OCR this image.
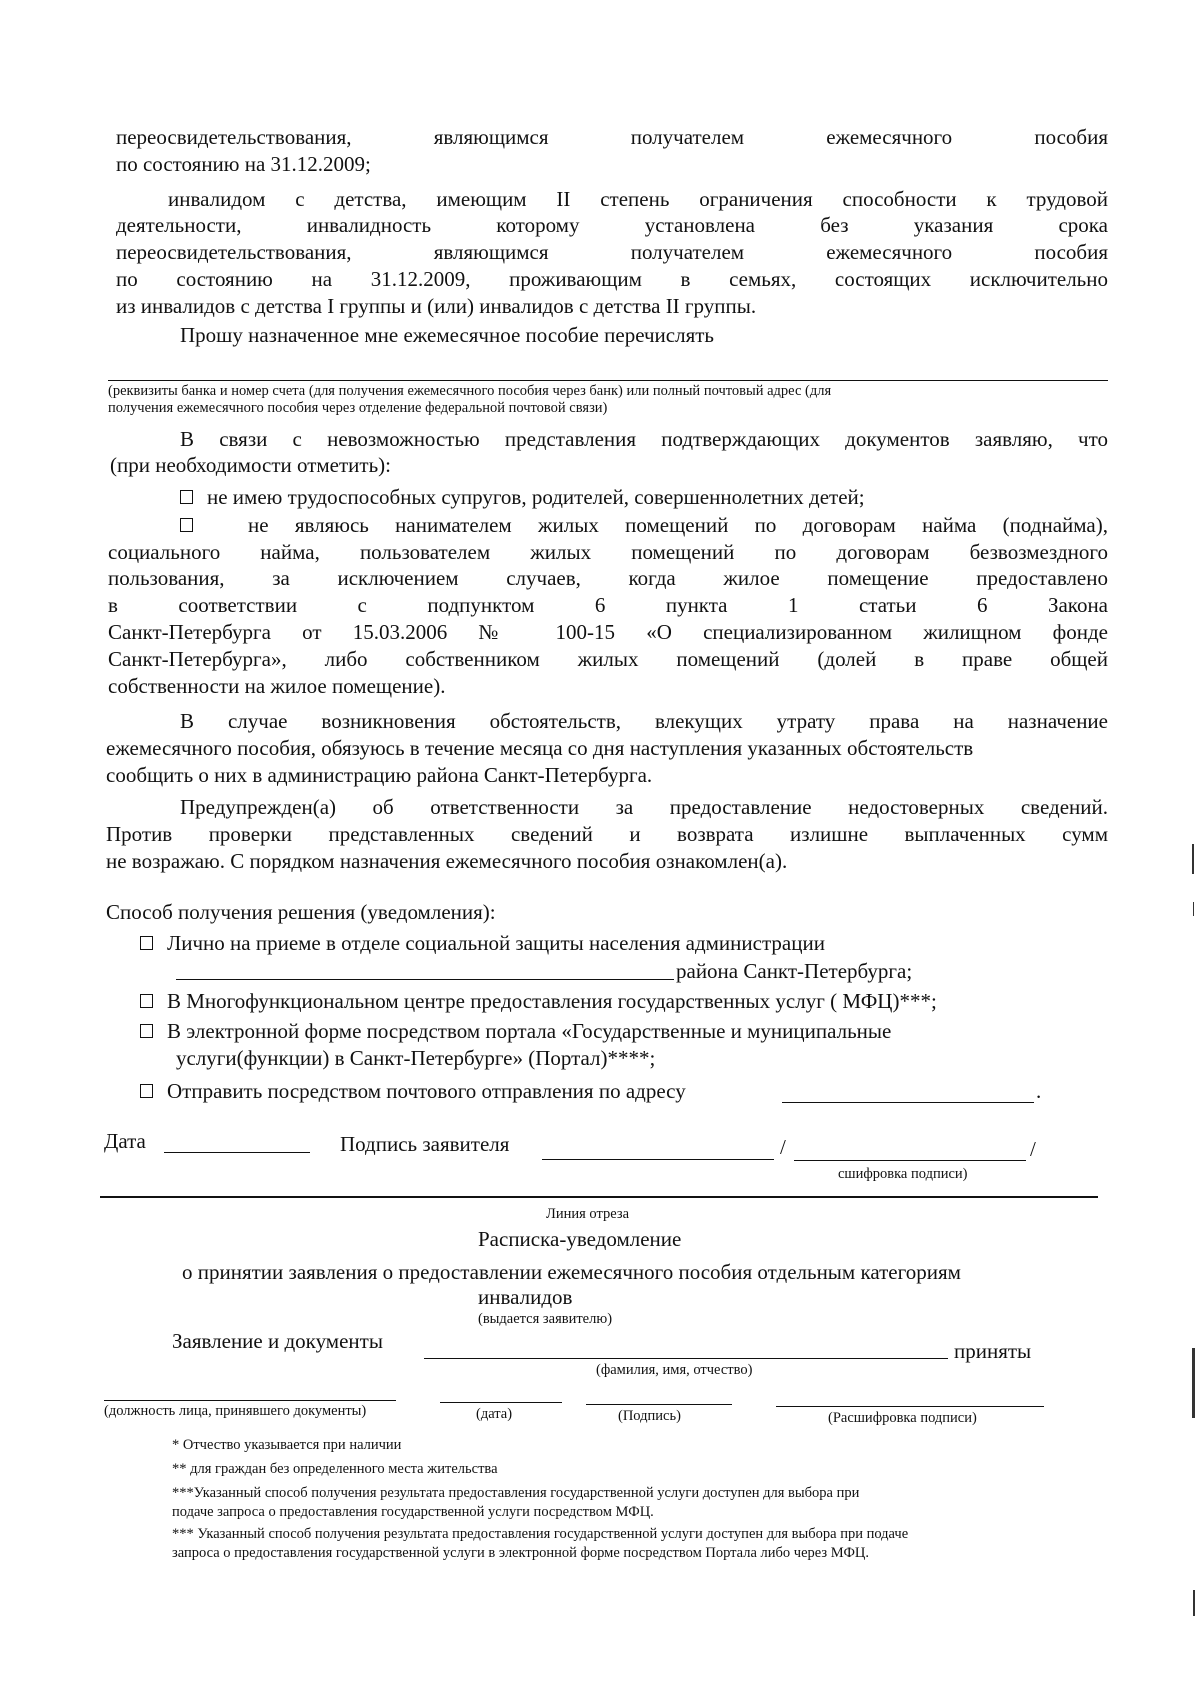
переосвидетельствования, являющимся получателем ежемесячного пособия
по состоянию на 31.12.2009;
инвалидом с детства, имеющим II степень ограничения способности к трудовой
деятельности, инвалидность которому установлена без указания срока
переосвидетельствования, являющимся получателем ежемесячного пособия
по состоянию на 31.12.2009, проживающим в семьях, состоящих исключительно
из инвалидов с детства I группы и (или) инвалидов с детства II группы.
Прошу назначенное мне ежемесячное пособие перечислять
(реквизиты банка и номер счета (для получения ежемесячного пособия через банк) или полный почтовый адрес (для
получения ежемесячного пособия через отделение федеральной почтовой связи)
В связи с невозможностью представления подтверждающих документов заявляю, что
(при необходимости отметить):
не имею трудоспособных супругов, родителей, совершеннолетних детей;
не являюсь нанимателем жилых помещений по договорам найма (поднайма),
социального найма, пользователем жилых помещений по договорам безвозмездного
пользования, за исключением случаев, когда жилое помещение предоставлено
в соответствии с подпунктом 6 пункта 1 статьи 6 Закона
Санкт-Петербурга от 15.03.2006 № 100-15 «О специализированном жилищном фонде
Санкт-Петербурга», либо собственником жилых помещений (долей в праве общей
собственности на жилое помещение).
В случае возникновения обстоятельств, влекущих утрату права на назначение
ежемесячного пособия, обязуюсь в течение месяца со дня наступления указанных обстоятельств
сообщить о них в администрацию района Санкт-Петербурга.
Предупрежден(а) об ответственности за предоставление недостоверных сведений.
Против проверки представленных сведений и возврата излишне выплаченных сумм
не возражаю. С порядком назначения ежемесячного пособия ознакомлен(а).
Способ получения решения (уведомления):
Лично на приеме в отделе социальной защиты населения администрации
района Санкт-Петербурга;
В Многофункциональном центре предоставления государственных услуг ( МФЦ)***;
В электронной форме посредством портала «Государственные и муниципальные
услуги(функции) в Санкт-Петербурге» (Портал)****;
Отправить посредством почтового отправления по адресу	.
Дата	Подпись заявителя	/	/
сшифровка подписи)
Линия отреза
Расписка-уведомление
о принятии заявления о предоставлении ежемесячного пособия отдельным категориям
инвалидов
(выдается заявителю)
Заявление и документы	приняты
(фамилия, имя, отчество)
(должность лица, принявшего документы)	(дата)	(Подпись)	(Расшифровка подписи)
* Отчество указывается при наличии
** для граждан без определенного места жительства
***Указанный способ получения результата предоставления государственной услуги доступен для выбора при
подаче запроса о предоставления государственной услуги посредством МФЦ.
*** Указанный способ получения результата предоставления государственной услуги доступен для выбора при подаче
запроса о предоставления государственной услуги в электронной форме посредством Портала либо через МФЦ.
